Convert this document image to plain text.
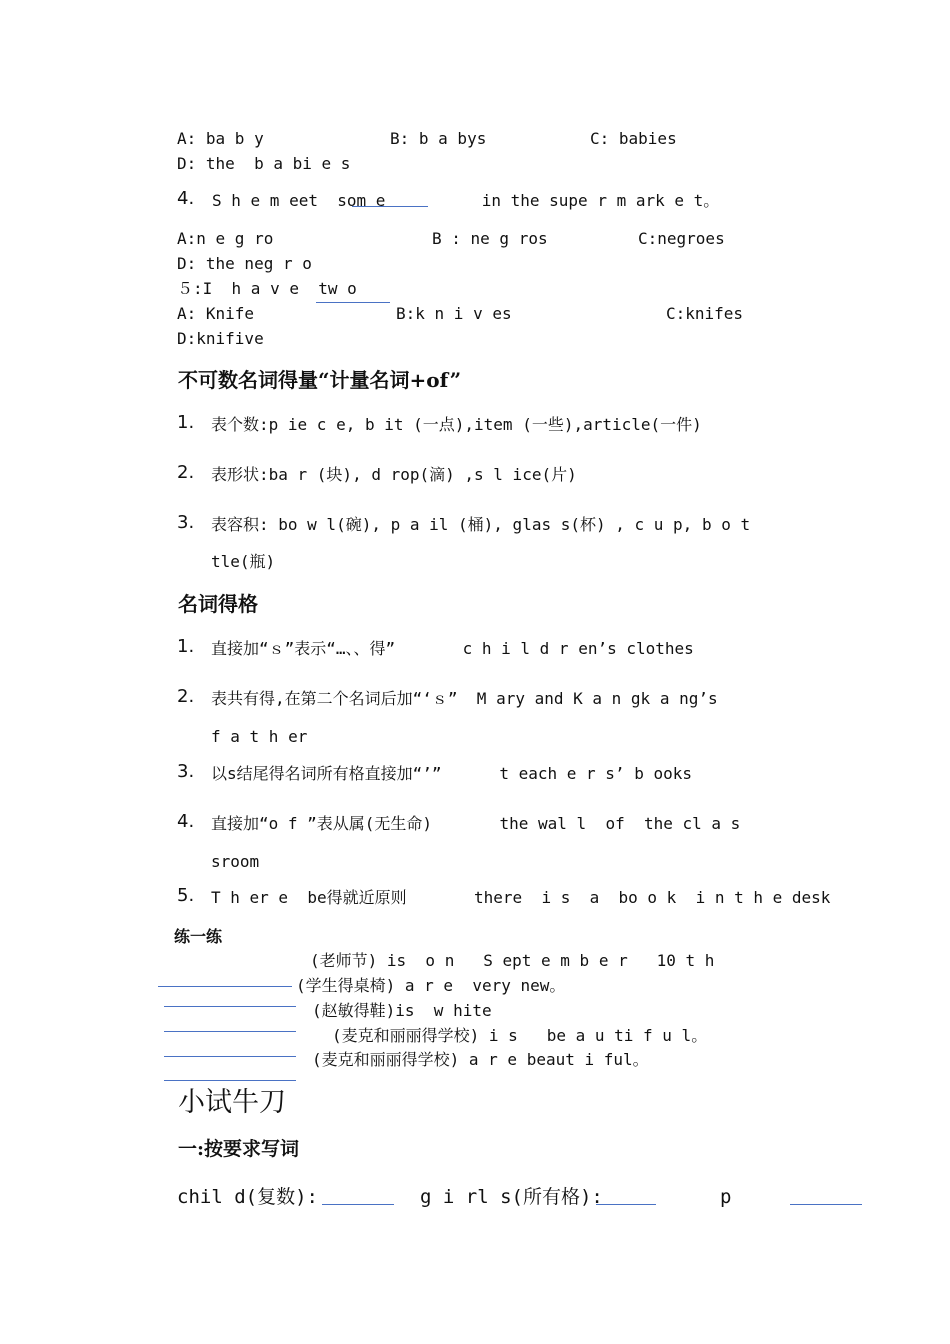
A: ba b y	B: b a bys	C: babies
D: the  b a bi e s
4. S h e m eet  som e          in the supe r m ark e t。
A:n e g ro	B : ne g ros	C:negroes
D: the neg r o
５:I  h a v e  tw o
A: Knife	B:k n i v es	C:knifes
D:knifive
不可数名词得量“计量名词+of”
1. 表个数:p ie c e, b it (一点),item (一些),article(一件)
2. 表形状:ba r (块), d rop(滴) ,s l ice(片)
3. 表容积: bo w l(碗), p a il (桶), glas s(杯) , c u p, b o t
tle(瓶)
名词得格
1. 直接加“ｓ”表示“…、、得”       c h i l d r en’s clothes
2. 表共有得,在第二个名词后加“‘ｓ”  M ary and K a n gk a ng’s
f a t h er
3. 以s结尾得名词所有格直接加“’”      t each e r s’ b ooks
4. 直接加“o f ”表从属(无生命)       the wal l  of  the cl a s
sroom
5. T h er e  be得就近原则       there  i s  a  bo o k  i n t h e desk
练一练
(老师节) is  o n   S ept e m b e r   10 t h
(学生得桌椅) a r e  very new。
(赵敏得鞋)is  w hite
(麦克和丽丽得学校) i s   be a u ti f u l。
(麦克和丽丽得学校) a r e beaut i ful。
小试牛刀
一:按要求写词
chil d(复数):	g i rl s(所有格):	p
